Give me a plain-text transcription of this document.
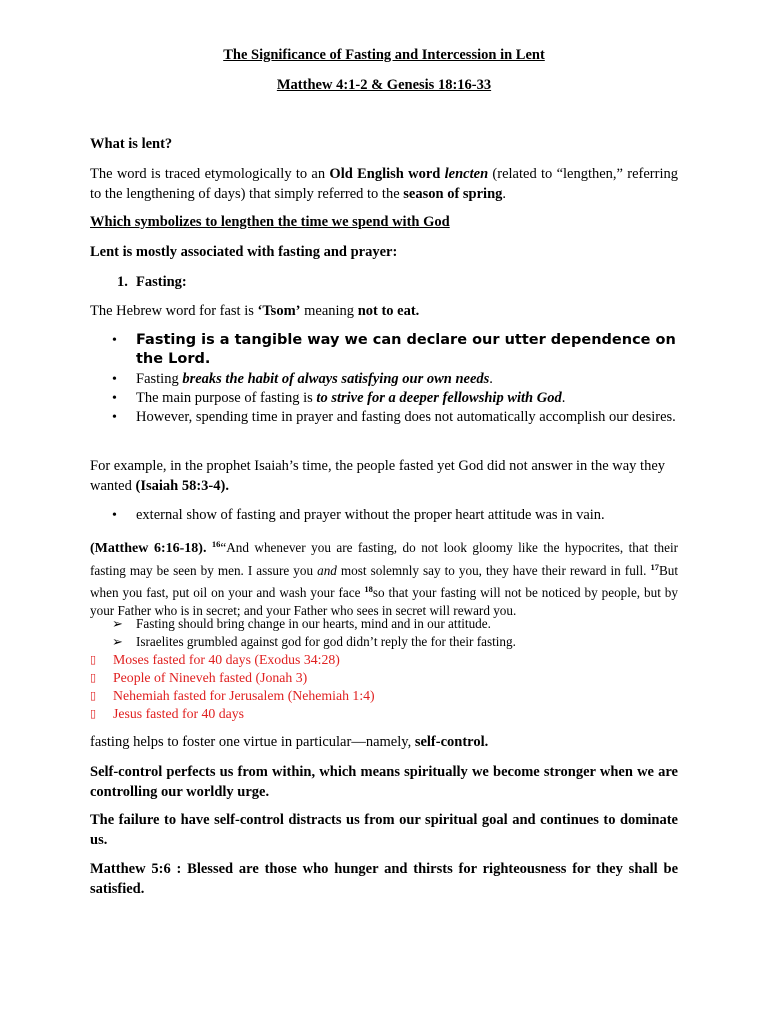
The Significance of Fasting and Intercession in Lent
Matthew 4:1-2 & Genesis 18:16-33
What is lent?
The word is traced etymologically to an Old English word lencten (related to “lengthen,” referring to the lengthening of days) that simply referred to the season of spring.
Which symbolizes to lengthen the time we spend with God
Lent is mostly associated with fasting and prayer:
1. Fasting:
The Hebrew word for fast is ‘Tsom’ meaning not to eat.
• Fasting is a tangible way we can declare our utter dependence on the Lord.
• Fasting breaks the habit of always satisfying our own needs.
• The main purpose of fasting is to strive for a deeper fellowship with God.
• However, spending time in prayer and fasting does not automatically accomplish our desires.
For example, in the prophet Isaiah’s time, the people fasted yet God did not answer in the way they wanted (Isaiah 58:3-4).
• external show of fasting and prayer without the proper heart attitude was in vain.
(Matthew 6:16-18). $^{16}$“And whenever you are fasting, do not look gloomy like the hypocrites, that their fasting may be seen by men. I assure you and most solemnly say to you, they have their reward in full. $^{17}$But when you fast, put oil on your and wash your face $^{18}$so that your fasting will not be noticed by people, but by your Father who is in secret; and your Father who sees in secret will reward you.
➢ Fasting should bring change in our hearts, mind and in our attitude.
➢ Israelites grumbled against god for god didn’t reply the for their fasting.
▯ Moses fasted for 40 days (Exodus 34:28)
▯ People of Nineveh fasted (Jonah 3)
▯ Nehemiah fasted for Jerusalem (Nehemiah 1:4)
▯ Jesus fasted for 40 days
fasting helps to foster one virtue in particular—namely, self-control.
Self-control perfects us from within, which means spiritually we become stronger when we are controlling our worldly urge.
The failure to have self-control distracts us from our spiritual goal and continues to dominate us.
Matthew 5:6 : Blessed are those who hunger and thirsts for righteousness for they shall be satisfied.
